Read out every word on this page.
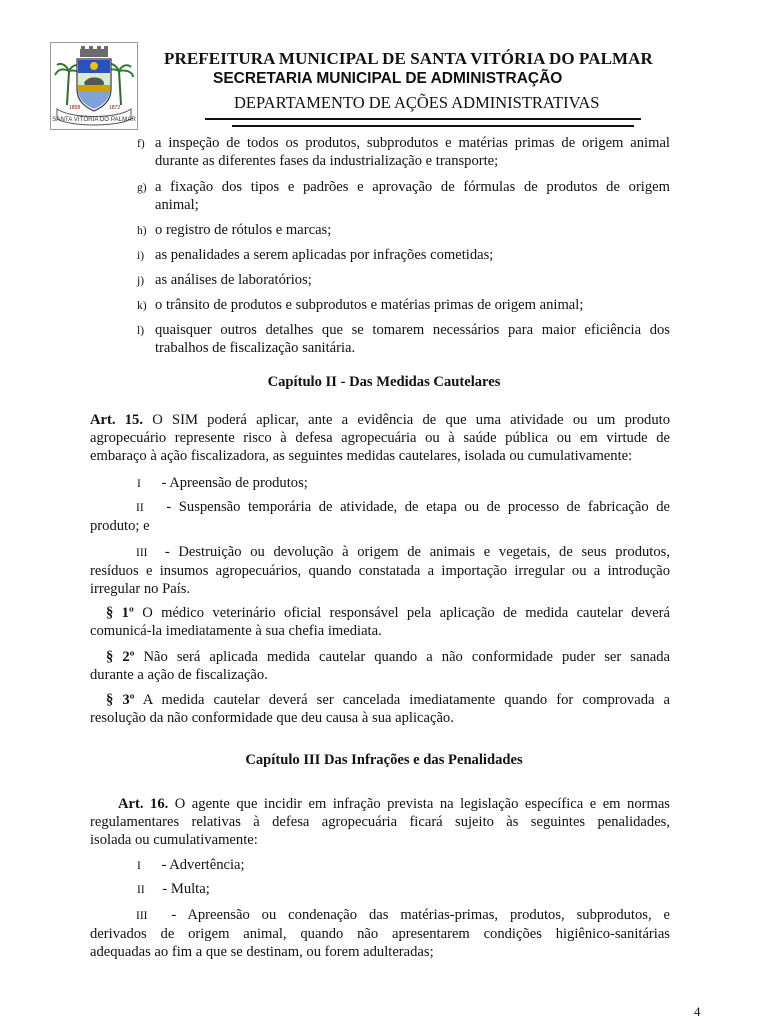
SANTA VITÓRIA DO PALMAR
1858	1872
PREFEITURA MUNICIPAL DE SANTA VITÓRIA DO PALMAR
SECRETARIA MUNICIPAL DE ADMINISTRAÇÃO
DEPARTAMENTO DE AÇÕES ADMINISTRATIVAS
f) a inspeção de todos os produtos, subprodutos e matérias primas de origem animal
durante as diferentes fases da industrialização e transporte;
g) a fixação dos tipos e padrões e aprovação de fórmulas de produtos de origem
animal;
h) o registro de rótulos e marcas;
i) as penalidades a serem aplicadas por infrações cometidas;
j) as análises de laboratórios;
k) o trânsito de produtos e subprodutos e matérias primas de origem animal;
l) quaisquer outros detalhes que se tomarem necessários para maior eficiência dos
trabalhos de fiscalização sanitária.
Capítulo II - Das Medidas Cautelares
Art. 15. O SIM poderá aplicar, ante a evidência de que uma atividade ou um produto
agropecuário represente risco à defesa agropecuária ou à saúde pública ou em virtude de
embaraço à ação fiscalizadora, as seguintes medidas cautelares, isolada ou cumulativamente:
I - Apreensão de produtos;
II - Suspensão temporária de atividade, de etapa ou de processo de fabricação de
produto; e
III - Destruição ou devolução à origem de animais e vegetais, de seus produtos,
resíduos e insumos agropecuários, quando constatada a importação irregular ou a introdução
irregular no País.
§ 1º O médico veterinário oficial responsável pela aplicação de medida cautelar deverá
comunicá-la imediatamente à sua chefia imediata.
§ 2º Não será aplicada medida cautelar quando a não conformidade puder ser sanada
durante a ação de fiscalização.
§ 3º A medida cautelar deverá ser cancelada imediatamente quando for comprovada a
resolução da não conformidade que deu causa à sua aplicação.
Capítulo III Das Infrações e das Penalidades
Art. 16. O agente que incidir em infração prevista na legislação específica e em normas
regulamentares relativas à defesa agropecuária ficará sujeito às seguintes penalidades,
isolada ou cumulativamente:
I - Advertência;
II - Multa;
III - Apreensão ou condenação das matérias-primas, produtos, subprodutos, e
derivados de origem animal, quando não apresentarem condições higiênico-sanitárias
adequadas ao fim a que se destinam, ou forem adulteradas;
4
